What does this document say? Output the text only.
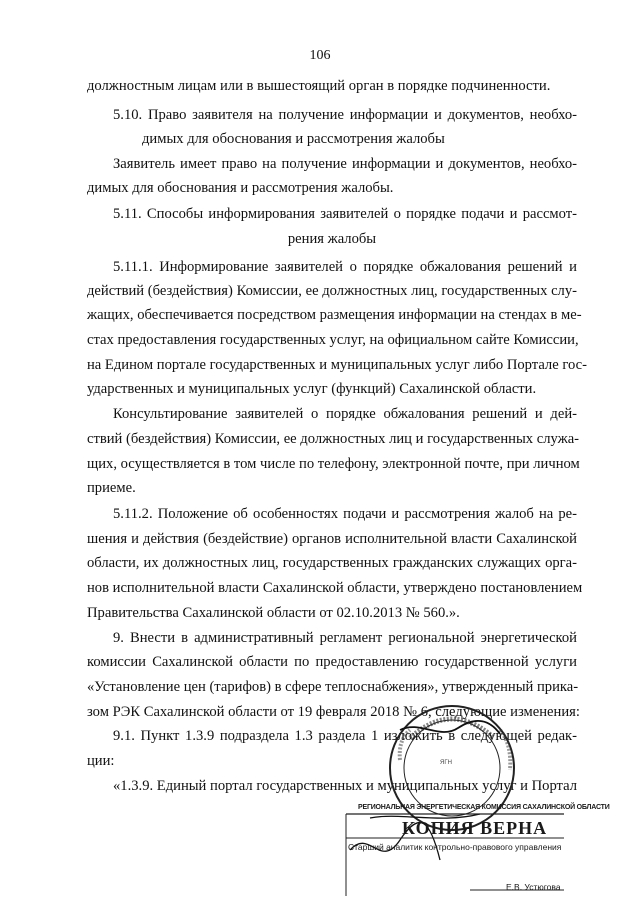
106
должностным лицам или в вышестоящий орган в порядке подчиненности.
5.10. Право заявителя на получение информации и документов, необхо-
димых для обоснования и рассмотрения жалобы
Заявитель имеет право на получение информации и документов, необхо-
димых для обоснования и рассмотрения жалобы.
5.11. Способы информирования заявителей о порядке подачи и рассмот-
рения жалобы
5.11.1. Информирование заявителей о порядке обжалования решений и
действий (бездействия) Комиссии, ее должностных лиц, государственных слу-
жащих, обеспечивается посредством размещения информации на стендах в ме-
стах предоставления государственных услуг, на официальном сайте Комиссии,
на Едином портале государственных и муниципальных услуг либо Портале гос-
ударственных и муниципальных услуг (функций) Сахалинской области.
Консультирование заявителей о порядке обжалования решений и дей-
ствий (бездействия) Комиссии, ее должностных лиц и государственных служа-
щих, осуществляется в том числе по телефону, электронной почте, при личном
приеме.
5.11.2. Положение об особенностях подачи и рассмотрения жалоб на ре-
шения и действия (бездействие) органов исполнительной власти Сахалинской
области, их должностных лиц, государственных гражданских служащих орга-
нов исполнительной власти Сахалинской области, утверждено постановлением
Правительства Сахалинской области от 02.10.2013 № 560.».
9. Внести в административный регламент региональной энергетической
комиссии Сахалинской области по предоставлению государственной услуги
«Установление цен (тарифов) в сфере теплоснабжения», утвержденный прика-
зом РЭК Сахалинской области от 19 февраля 2018 № 6, следующие изменения:
9.1. Пункт 1.3.9 подраздела 1.3 раздела 1 изложить в следующей редак-
ции:
«1.3.9. Единый портал государственных и муниципальных услуг и Портал
ЯГН
РЕГИОНАЛЬНАЯ ЭНЕРГЕТИЧЕСКАЯ КОМИССИЯ САХАЛИНСКОЙ ОБЛАСТИ
КОПИЯ ВЕРНА
Старший аналитик контрольно-правового управления
Е.В. Устюгова
